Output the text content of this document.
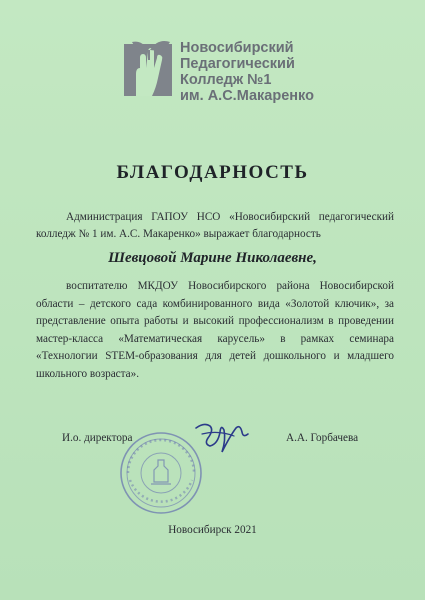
Новосибирский
Педагогический
Колледж №1
им. А.С.Макаренко
БЛАГОДАРНОСТЬ
Администрация ГАПОУ НСО «Новосибирский педагогический колледж № 1 им. А.С. Макаренко» выражает благодарность
Шевцовой Марине Николаевне,
воспитателю МКДОУ Новосибирского района Новосибирской области – детского сада комбинированного вида «Золотой ключик», за представление опыта работы и высокий профессионализм в проведении мастер-класса «Математическая карусель» в рамках семинара «Технологии STEM-образования для детей дошкольного и младшего школьного возраста».
И.о. директора	А.А. Горбачева
Новосибирск 2021
